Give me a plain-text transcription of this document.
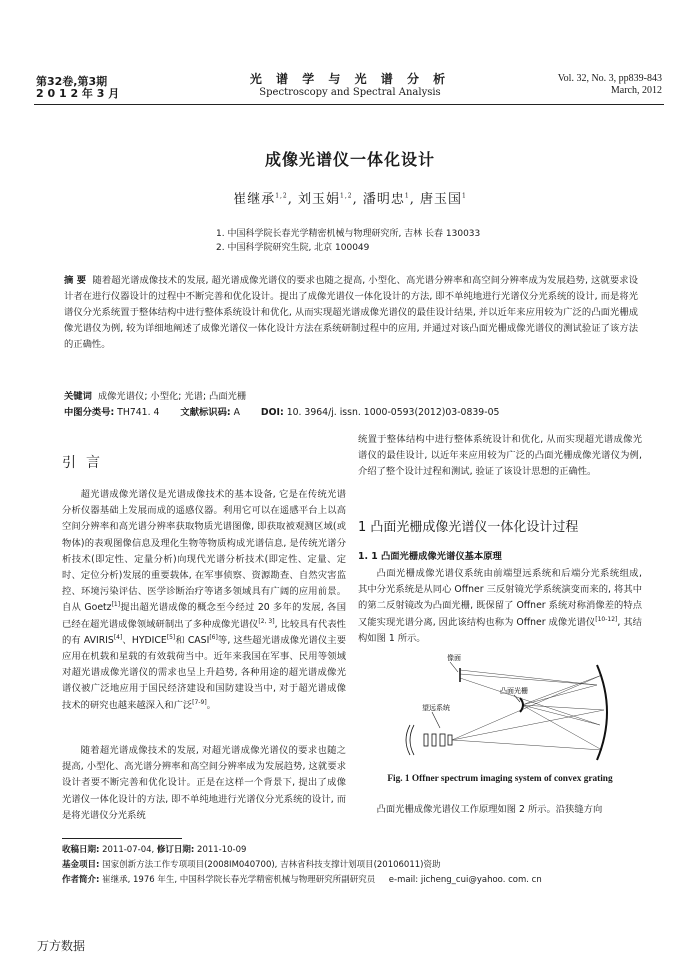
第32卷,第3期
2 0 1 2 年 3 月
光 谱 学 与 光 谱 分 析
Spectroscopy and Spectral Analysis
Vol. 32, No. 3, pp839-843
March, 2012
成像光谱仪一体化设计
崔继承$^{1,2}$, 刘玉娟$^{1,2}$, 潘明忠$^1$, 唐玉国$^1$
1. 中国科学院长春光学精密机械与物理研究所, 吉林 长春 130033
2. 中国科学院研究生院, 北京 100049
摘 要 随着超光谱成像技术的发展, 超光谱成像光谱仪的要求也随之提高, 小型化、高光谱分辨率和高空间分辨率成为发展趋势, 这就要求设计者在进行仪器设计的过程中不断完善和优化设计。提出了成像光谱仪一体化设计的方法, 即不单纯地进行光谱仪分光系统的设计, 而是将光谱仪分光系统置于整体结构中进行整体系统设计和优化, 从而实现超光谱成像光谱仪的最佳设计结果, 并以近年来应用较为广泛的凸面光栅成像光谱仪为例, 较为详细地阐述了成像光谱仪一体化设计方法在系统研制过程中的应用, 并通过对该凸面光栅成像光谱仪的测试验证了该方法的正确性。
关键词 成像光谱仪; 小型化; 光谱; 凸面光栅
中图分类号: TH741. 4 文献标识码: A DOI: 10. 3964/j. issn. 1000-0593(2012)03-0839-05
引言

超光谱成像光谱仪是光谱成像技术的基本设备, 它是在传统光谱分析仪器基础上发展而成的遥感仪器。利用它可以在遥感平台上以高空间分辨率和高光谱分辨率获取物质光谱图像, 即获取被观测区域(或物体)的表观图像信息及理化生物等物质构成光谱信息, 是传统光谱分析技术(即定性、定量分析)向现代光谱分析技术(即定性、定量、定时、定位分析)发展的重要载体, 在军事侦察、资源勘查、自然灾害监控、环境污染评估、医学诊断治疗等诸多领域具有广阔的应用前景。自从 Goetz[1]提出超光谱成像的概念至今经过 20 多年的发展, 各国已经在超光谱成像领域研制出了多种成像光谱仪[2, 3], 比较具有代表性的有 AVIRIS[4]、HYDICE[5]和 CASI[6]等, 这些超光谱成像光谱仪主要应用在机载和星载的有效载荷当中。近年来我国在军事、民用等领域对超光谱成像光谱仪的需求也呈上升趋势, 各种用途的超光谱成像光谱仪被广泛地应用于国民经济建设和国防建设当中, 对于超光谱成像技术的研究也越来越深入和广泛[7-9]。

随着超光谱成像技术的发展, 对超光谱成像光谱仪的要求也随之提高, 小型化、高光谱分辨率和高空间分辨率成为发展趋势, 这就要求设计者要不断完善和优化设计。正是在这样一个背景下, 提出了成像光谱仪一体化设计的方法, 即不单纯地进行光谱仪分光系统的设计, 而是将光谱仪分光系统

统置于整体结构中进行整体系统设计和优化, 从而实现超光谱成像光谱仪的最佳设计, 以近年来应用较为广泛的凸面光栅成像光谱仪为例, 介绍了整个设计过程和测试, 验证了该设计思想的正确性。

1 凸面光栅成像光谱仪一体化设计过程
1. 1 凸面光栅成像光谱仪基本原理

凸面光栅成像光谱仪系统由前端望远系统和后端分光系统组成, 其中分光系统是从同心 Offner 三反射镜光学系统演变而来的, 将其中的第二反射镜改为凸面光栅, 既保留了 Offner 系统对称消像差的特点又能实现光谱分离, 因此该结构也称为 Offner 成像光谱仪[10-12], 其结构如图 1 所示。

像面
凸面光栅
望远系统
Fig. 1 Offner spectrum imaging system of convex grating

凸面光栅成像光谱仪工作原理如图 2 所示。沿狭缝方向

收稿日期: 2011-07-04, 修订日期: 2011-10-09
基金项目: 国家创新方法工作专项项目(2008IM040700), 吉林省科技支撑计划项目(20106011)资助
作者简介: 崔继承, 1976 年生, 中国科学院长春光学精密机械与物理研究所副研究员 e-mail: jicheng_cui@yahoo. com. cn
万方数据
